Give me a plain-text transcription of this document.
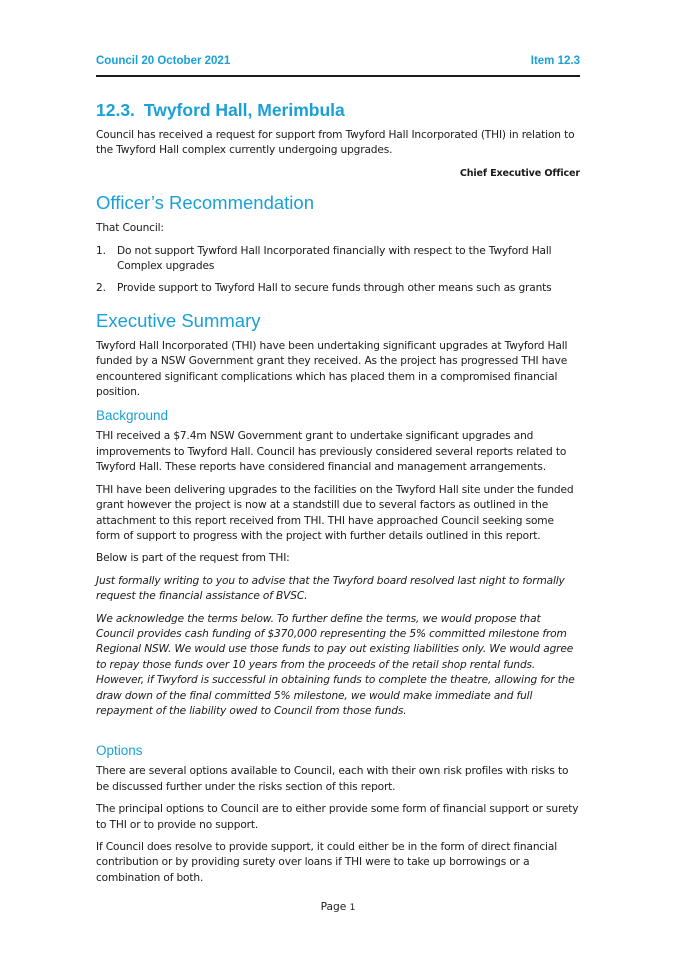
Council 20 October 2021	Item 12.3
12.3. Twyford Hall, Merimbula

Council has received a request for support from Twyford Hall Incorporated (THI) in relation to the Twyford Hall complex currently undergoing upgrades.

Chief Executive Officer

Officer’s Recommendation

That Council:

1. Do not support Tywford Hall Incorporated financially with respect to the Twyford Hall Complex upgrades
2. Provide support to Twyford Hall to secure funds through other means such as grants
Executive Summary

Twyford Hall Incorporated (THI) have been undertaking significant upgrades at Twyford Hall funded by a NSW Government grant they received. As the project has progressed THI have encountered significant complications which has placed them in a compromised financial position.

Background

THI received a $7.4m NSW Government grant to undertake significant upgrades and improvements to Twyford Hall. Council has previously considered several reports related to Twyford Hall. These reports have considered financial and management arrangements.

THI have been delivering upgrades to the facilities on the Twyford Hall site under the funded grant however the project is now at a standstill due to several factors as outlined in the attachment to this report received from THI. THI have approached Council seeking some form of support to progress with the project with further details outlined in this report.

Below is part of the request from THI:

Just formally writing to you to advise that the Twyford board resolved last night to formally request the financial assistance of BVSC.

We acknowledge the terms below. To further define the terms, we would propose that Council provides cash funding of $370,000 representing the 5% committed milestone from Regional NSW. We would use those funds to pay out existing liabilities only. We would agree to repay those funds over 10 years from the proceeds of the retail shop rental funds. However, if Twyford is successful in obtaining funds to complete the theatre, allowing for the draw down of the final committed 5% milestone, we would make immediate and full repayment of the liability owed to Council from those funds.

Options

There are several options available to Council, each with their own risk profiles with risks to be discussed further under the risks section of this report.

The principal options to Council are to either provide some form of financial support or surety to THI or to provide no support.

If Council does resolve to provide support, it could either be in the form of direct financial contribution or by providing surety over loans if THI were to take up borrowings or a combination of both.

Page 1
